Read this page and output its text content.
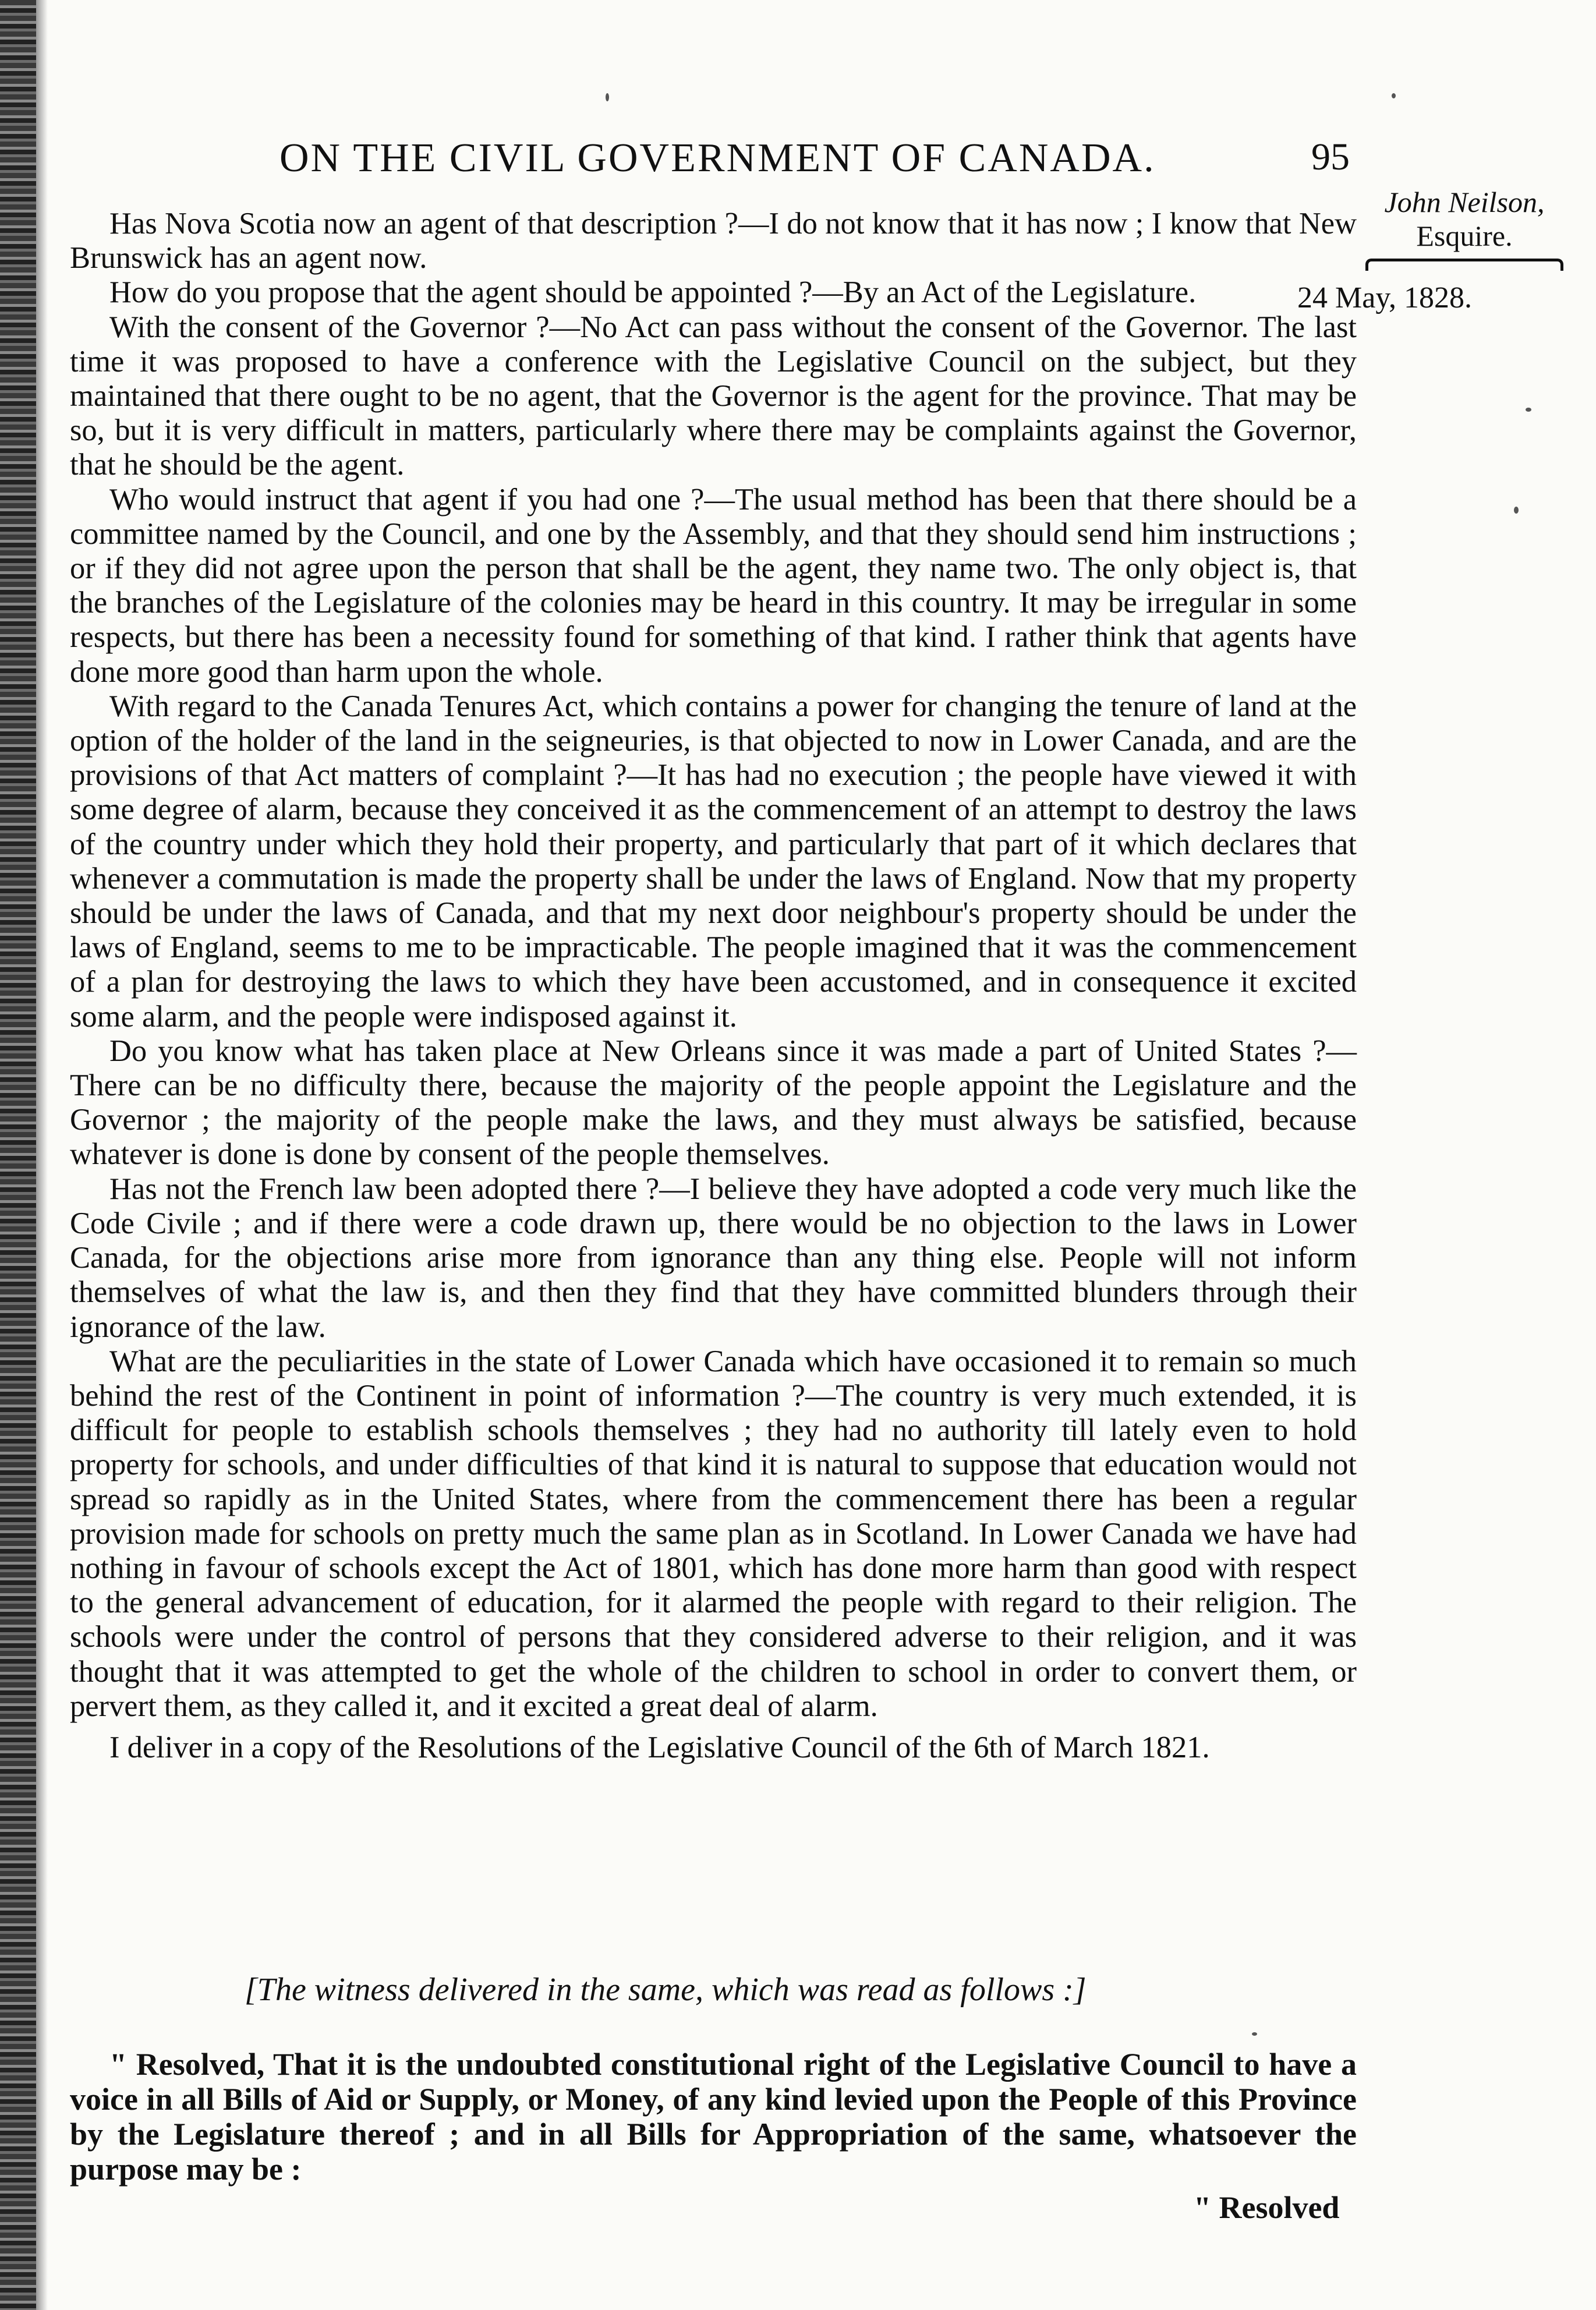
ON THE CIVIL GOVERNMENT OF CANADA.	95
John Neilson,
Esquire.
24 May, 1828.

Has Nova Scotia now an agent of that description ?—I do not know that it has now ; I know that New Brunswick has an agent now.

How do you propose that the agent should be appointed ?—By an Act of the Legislature.

With the consent of the Governor ?—No Act can pass without the consent of the Governor. The last time it was proposed to have a conference with the Legislative Council on the subject, but they maintained that there ought to be no agent, that the Governor is the agent for the province. That may be so, but it is very difficult in matters, particularly where there may be complaints against the Governor, that he should be the agent.

Who would instruct that agent if you had one ?—The usual method has been that there should be a committee named by the Council, and one by the Assembly, and that they should send him instructions ; or if they did not agree upon the person that shall be the agent, they name two. The only object is, that the branches of the Legislature of the colonies may be heard in this country. It may be irregular in some respects, but there has been a necessity found for something of that kind. I rather think that agents have done more good than harm upon the whole.

With regard to the Canada Tenures Act, which contains a power for changing the tenure of land at the option of the holder of the land in the seigneuries, is that objected to now in Lower Canada, and are the provisions of that Act matters of complaint ?—It has had no execution ; the people have viewed it with some degree of alarm, because they conceived it as the commencement of an attempt to destroy the laws of the country under which they hold their property, and particularly that part of it which declares that whenever a commutation is made the property shall be under the laws of England. Now that my property should be under the laws of Canada, and that my next door neighbour's property should be under the laws of England, seems to me to be impracticable. The people imagined that it was the commencement of a plan for destroying the laws to which they have been accustomed, and in consequence it excited some alarm, and the people were indisposed against it.

Do you know what has taken place at New Orleans since it was made a part of United States ?—There can be no difficulty there, because the majority of the people appoint the Legislature and the Governor ; the majority of the people make the laws, and they must always be satisfied, because whatever is done is done by consent of the people themselves.

Has not the French law been adopted there ?—I believe they have adopted a code very much like the Code Civile ; and if there were a code drawn up, there would be no objection to the laws in Lower Canada, for the objections arise more from ignorance than any thing else. People will not inform themselves of what the law is, and then they find that they have committed blunders through their ignorance of the law.

What are the peculiarities in the state of Lower Canada which have occasioned it to remain so much behind the rest of the Continent in point of information ?—The country is very much extended, it is difficult for people to establish schools themselves ; they had no authority till lately even to hold property for schools, and under difficulties of that kind it is natural to suppose that education would not spread so rapidly as in the United States, where from the commencement there has been a regular provision made for schools on pretty much the same plan as in Scotland. In Lower Canada we have had nothing in favour of schools except the Act of 1801, which has done more harm than good with respect to the general advancement of education, for it alarmed the people with regard to their religion. The schools were under the control of persons that they considered adverse to their religion, and it was thought that it was attempted to get the whole of the children to school in order to convert them, or pervert them, as they called it, and it excited a great deal of alarm.

I deliver in a copy of the Resolutions of the Legislative Council of the 6th of March 1821.

[The witness delivered in the same, which was read as follows :]

" Resolved, That it is the undoubted constitutional right of the Legislative Council to have a voice in all Bills of Aid or Supply, or Money, of any kind levied upon the People of this Province by the Legislature thereof ; and in all Bills for Appropriation of the same, whatsoever the purpose may be :

" Resolved
